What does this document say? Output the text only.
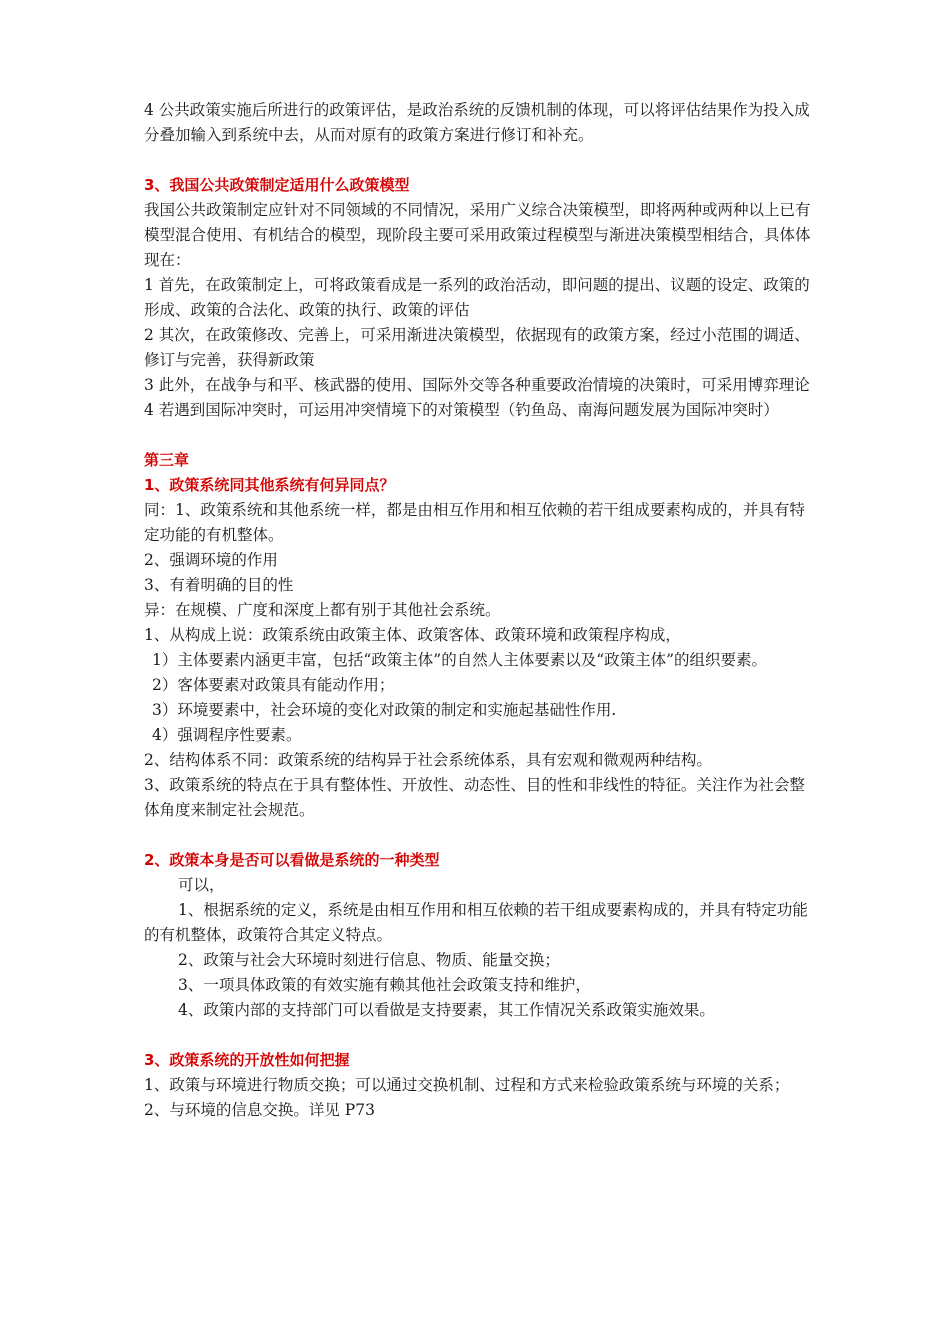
4 公共政策实施后所进行的政策评估，是政治系统的反馈机制的体现，可以将评估结果作为投入成分叠加输入到系统中去，从而对原有的政策方案进行修订和补充。

3、我国公共政策制定适用什么政策模型

我国公共政策制定应针对不同领域的不同情况，采用广义综合决策模型，即将两种或两种以上已有模型混合使用、有机结合的模型，现阶段主要可采用政策过程模型与渐进决策模型相结合，具体体现在：

1 首先，在政策制定上，可将政策看成是一系列的政治活动，即问题的提出、议题的设定、政策的形成、政策的合法化、政策的执行、政策的评估

2 其次，在政策修改、完善上，可采用渐进决策模型，依据现有的政策方案，经过小范围的调适、修订与完善，获得新政策

3 此外，在战争与和平、核武器的使用、国际外交等各种重要政治情境的决策时，可采用博弈理论

4 若遇到国际冲突时，可运用冲突情境下的对策模型（钓鱼岛、南海问题发展为国际冲突时）

第三章

1、政策系统同其他系统有何异同点？

同：1、政策系统和其他系统一样，都是由相互作用和相互依赖的若干组成要素构成的，并具有特定功能的有机整体。

2、强调环境的作用

3、有着明确的目的性

异：在规模、广度和深度上都有别于其他社会系统。

1、从构成上说：政策系统由政策主体、政策客体、政策环境和政策程序构成，

1）主体要素内涵更丰富，包括“政策主体”的自然人主体要素以及“政策主体”的组织要素。

2）客体要素对政策具有能动作用；

3）环境要素中，社会环境的变化对政策的制定和实施起基础性作用.

4）强调程序性要素。

2、结构体系不同：政策系统的结构异于社会系统体系，具有宏观和微观两种结构。

3、政策系统的特点在于具有整体性、开放性、动态性、目的性和非线性的特征。关注作为社会整体角度来制定社会规范。

2、政策本身是否可以看做是系统的一种类型

可以，

1、根据系统的定义，系统是由相互作用和相互依赖的若干组成要素构成的，并具有特定功能的有机整体，政策符合其定义特点。

2、政策与社会大环境时刻进行信息、物质、能量交换；

3、一项具体政策的有效实施有赖其他社会政策支持和维护，

4、政策内部的支持部门可以看做是支持要素，其工作情况关系政策实施效果。

3、政策系统的开放性如何把握

1、政策与环境进行物质交换；可以通过交换机制、过程和方式来检验政策系统与环境的关系；2、与环境的信息交换。详见 P73
